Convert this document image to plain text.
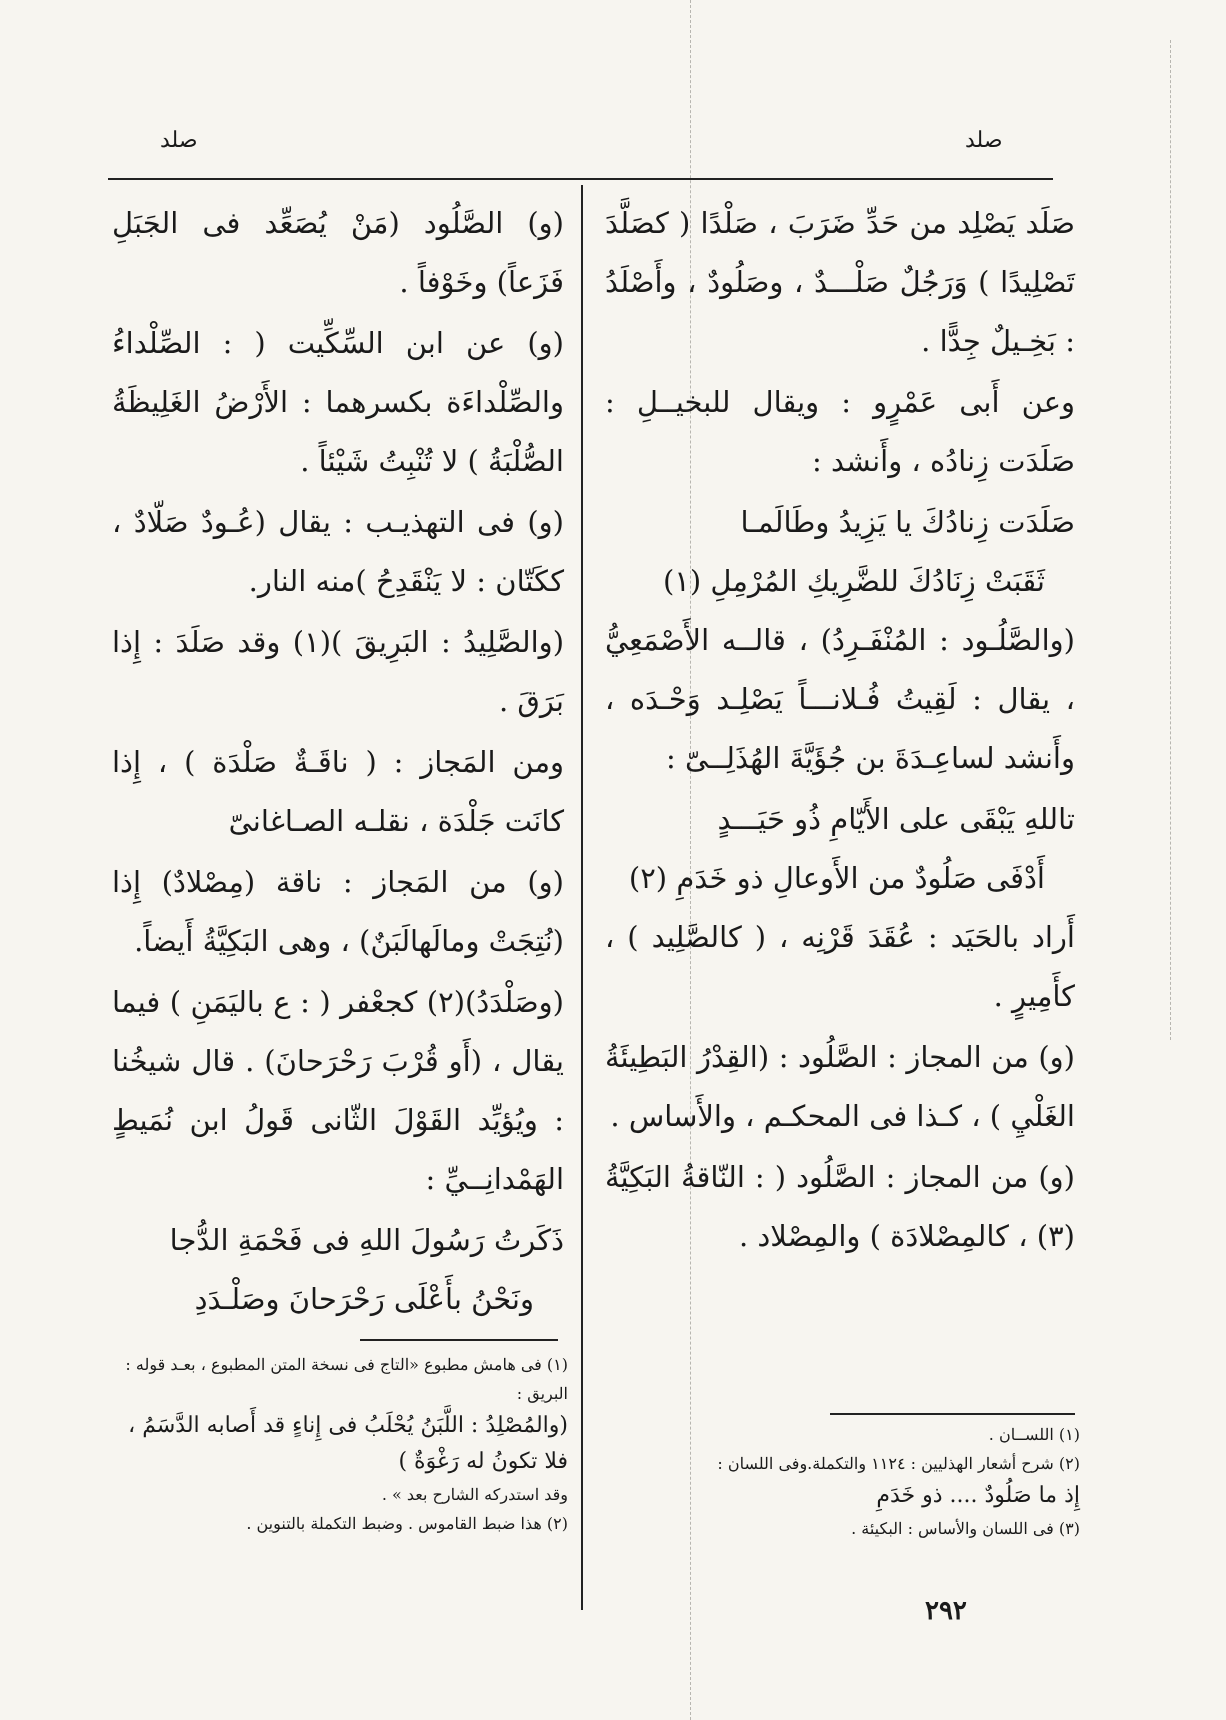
صلد	صلد

صَلَد يَصْلِد من حَدِّ ضَرَبَ ، صَلْدًا ( كصَلَّدَ تَصْلِيدًا ) وَرَجُلٌ صَلْـــدٌ ، وصَلُودٌ ، وأَصْلَدُ : بَخِـيلٌ جِدًّا .

وعن أَبى عَمْرٍو : ويقال للبخيــلِ : صَلَدَت زِنادُه ، وأَنشد :

صَلَدَت زِنادُكَ يا يَزِيدُ وطَالَمـا

ثَقَبَتْ زِنَادُكَ للضَّرِيكِ المُرْمِلِ (١)

(والصَّلُـود : المُنْفَـرِدُ) ، قالــه الأَصْمَعِيُّ ، يقال : لَقِيتُ فُـلانـــاً يَصْلِـد وَحْـدَه ، وأَنشد لساعِـدَةَ بن جُؤَيَّةَ الهُذَلِــىّ :

تاللهِ يَبْقَى على الأَيّامِ ذُو حَيَـــدٍ

أَدْفَى صَلُودٌ من الأَوعالِ ذو خَدَمِ (٢)

أَراد بالحَيَد : عُقَدَ قَرْنِه ، ( كالصَّلِيد ) ، كأَمِيرٍ .

(و) من المجاز : الصَّلُود : (القِدْرُ البَطِيئَةُ الغَلْيِ ) ، كـذا فى المحكـم ، والأَساس .

(و) من المجاز : الصَّلُود ( : النّاقةُ البَكِيَّةُ (٣) ، كالمِصْلادَة ) والمِصْلاد .

(و) الصَّلُود (مَنْ يُصَعِّد فى الجَبَلِ فَزَعاً) وخَوْفاً .

(و) عن ابن السِّكِّيت ( : الصِّلْداءُ والصِّلْداءَة بكسرهما : الأَرْضُ الغَلِيظَةُ الصُّلْبَةُ ) لا تُنْبِتُ شَيْئاً .

(و) فى التهذيـب : يقال (عُـودٌ صَلّادٌ ، ككَتّان : لا يَنْقَدِحُ )منه النار.

(والصَّلِيدُ : البَرِيقَ )(١) وقد صَلَدَ : إِذا بَرَقَ .

ومن المَجاز : ( ناقَـةٌ صَلْدَة ) ، إِذا كانَت جَلْدَة ، نقلـه الصـاغانىّ

(و) من المَجاز : ناقة (مِصْلادٌ) إِذا (نُتِجَتْ ومالَهالَبَنٌ) ، وهى البَكِيَّةُ أَيضاً.

(وصَلْدَدُ)(٢) كجعْفر ( : ع باليَمَنِ ) فيما يقال ، (أَو قُرْبَ رَحْرَحانَ) . قال شيخُنا : ويُؤيِّد القَوْلَ الثّانى قَولُ ابن نُمَيطٍ الهَمْدانِــيِّ :

ذَكَرتُ رَسُولَ اللهِ فى فَحْمَةِ الدُّجا

ونَحْنُ بأَعْلَى رَحْرَحانَ وصَلْـدَدِ

(١) فى هامش مطبوع «التاج فى نسخة المتن المطبوع ، بعـد قوله : البريق :

(والمُصْلِدُ : اللَّبَنُ يُحْلَبُ فى إِناءٍ قد أَصابه الدَّسَمُ ، فلا تكونُ له رَغْوَةٌ )

وقد استدركه الشارح بعد » .

(٢) هذا ضبط القاموس . وضبط التكملة بالتنوين .

(١) اللســان .

(٢) شرح أشعار الهذليين : ١١٢٤ والتكملة.وفى اللسان :

إِذ ما صَلُودٌ .... ذو خَدَمِ

(٣) فى اللسان والأساس : البكيئة .

٢٩٢
